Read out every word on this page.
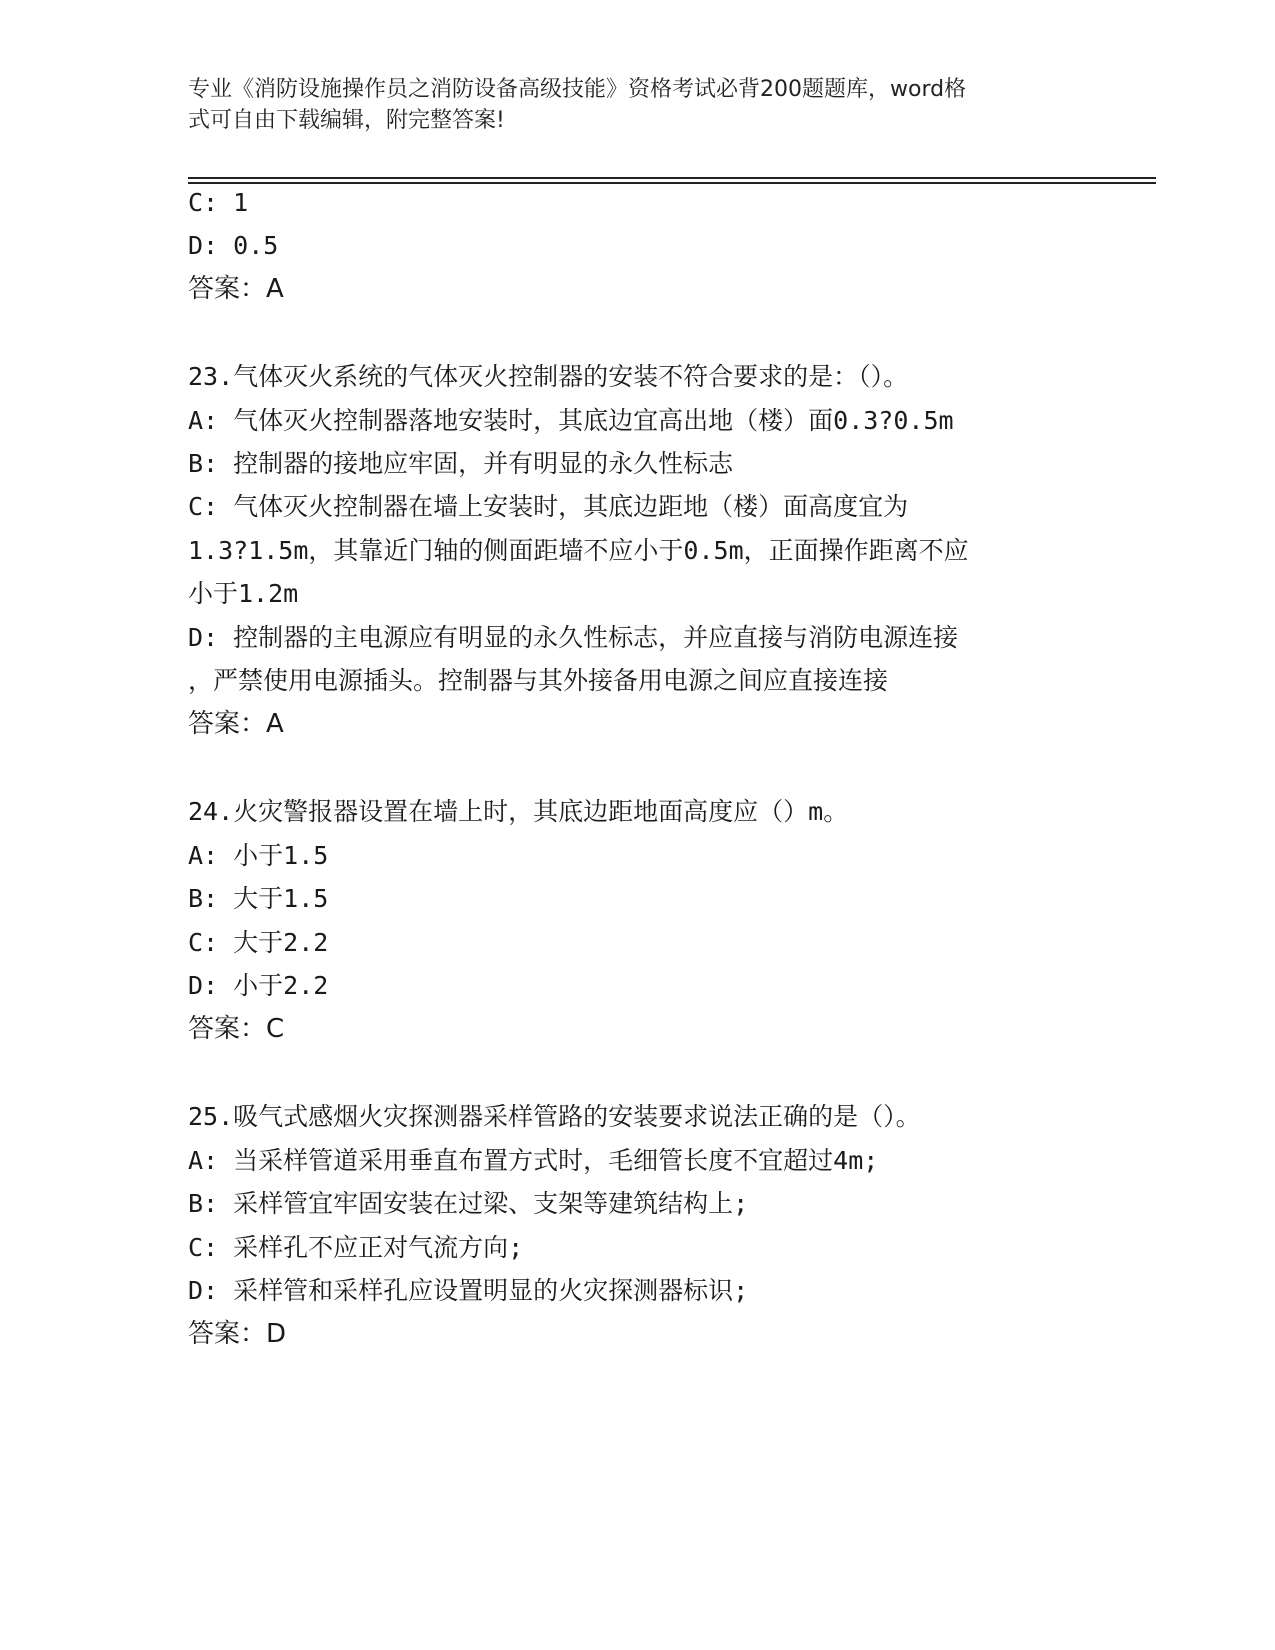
专业《消防设施操作员之消防设备高级技能》资格考试必背200题题库，word格
式可自由下载编辑，附完整答案!
C: 1
D: 0.5
答案：A
23.气体灭火系统的气体灭火控制器的安装不符合要求的是：（）。
A: 气体灭火控制器落地安装时，其底边宜高出地（楼）面0.3?0.5m
B: 控制器的接地应牢固，并有明显的永久性标志
C: 气体灭火控制器在墙上安装时，其底边距地（楼）面高度宜为
1.3?1.5m，其靠近门轴的侧面距墙不应小于0.5m，正面操作距离不应
小于1.2m
D: 控制器的主电源应有明显的永久性标志，并应直接与消防电源连接
，严禁使用电源插头。控制器与其外接备用电源之间应直接连接
答案：A
24.火灾警报器设置在墙上时，其底边距地面高度应（）m。
A: 小于1.5
B: 大于1.5
C: 大于2.2
D: 小于2.2
答案：C
25.吸气式感烟火灾探测器采样管路的安装要求说法正确的是（）。
A: 当采样管道采用垂直布置方式时，毛细管长度不宜超过4m;
B: 采样管宜牢固安装在过梁、支架等建筑结构上;
C: 采样孔不应正对气流方向;
D: 采样管和采样孔应设置明显的火灾探测器标识;
答案：D
